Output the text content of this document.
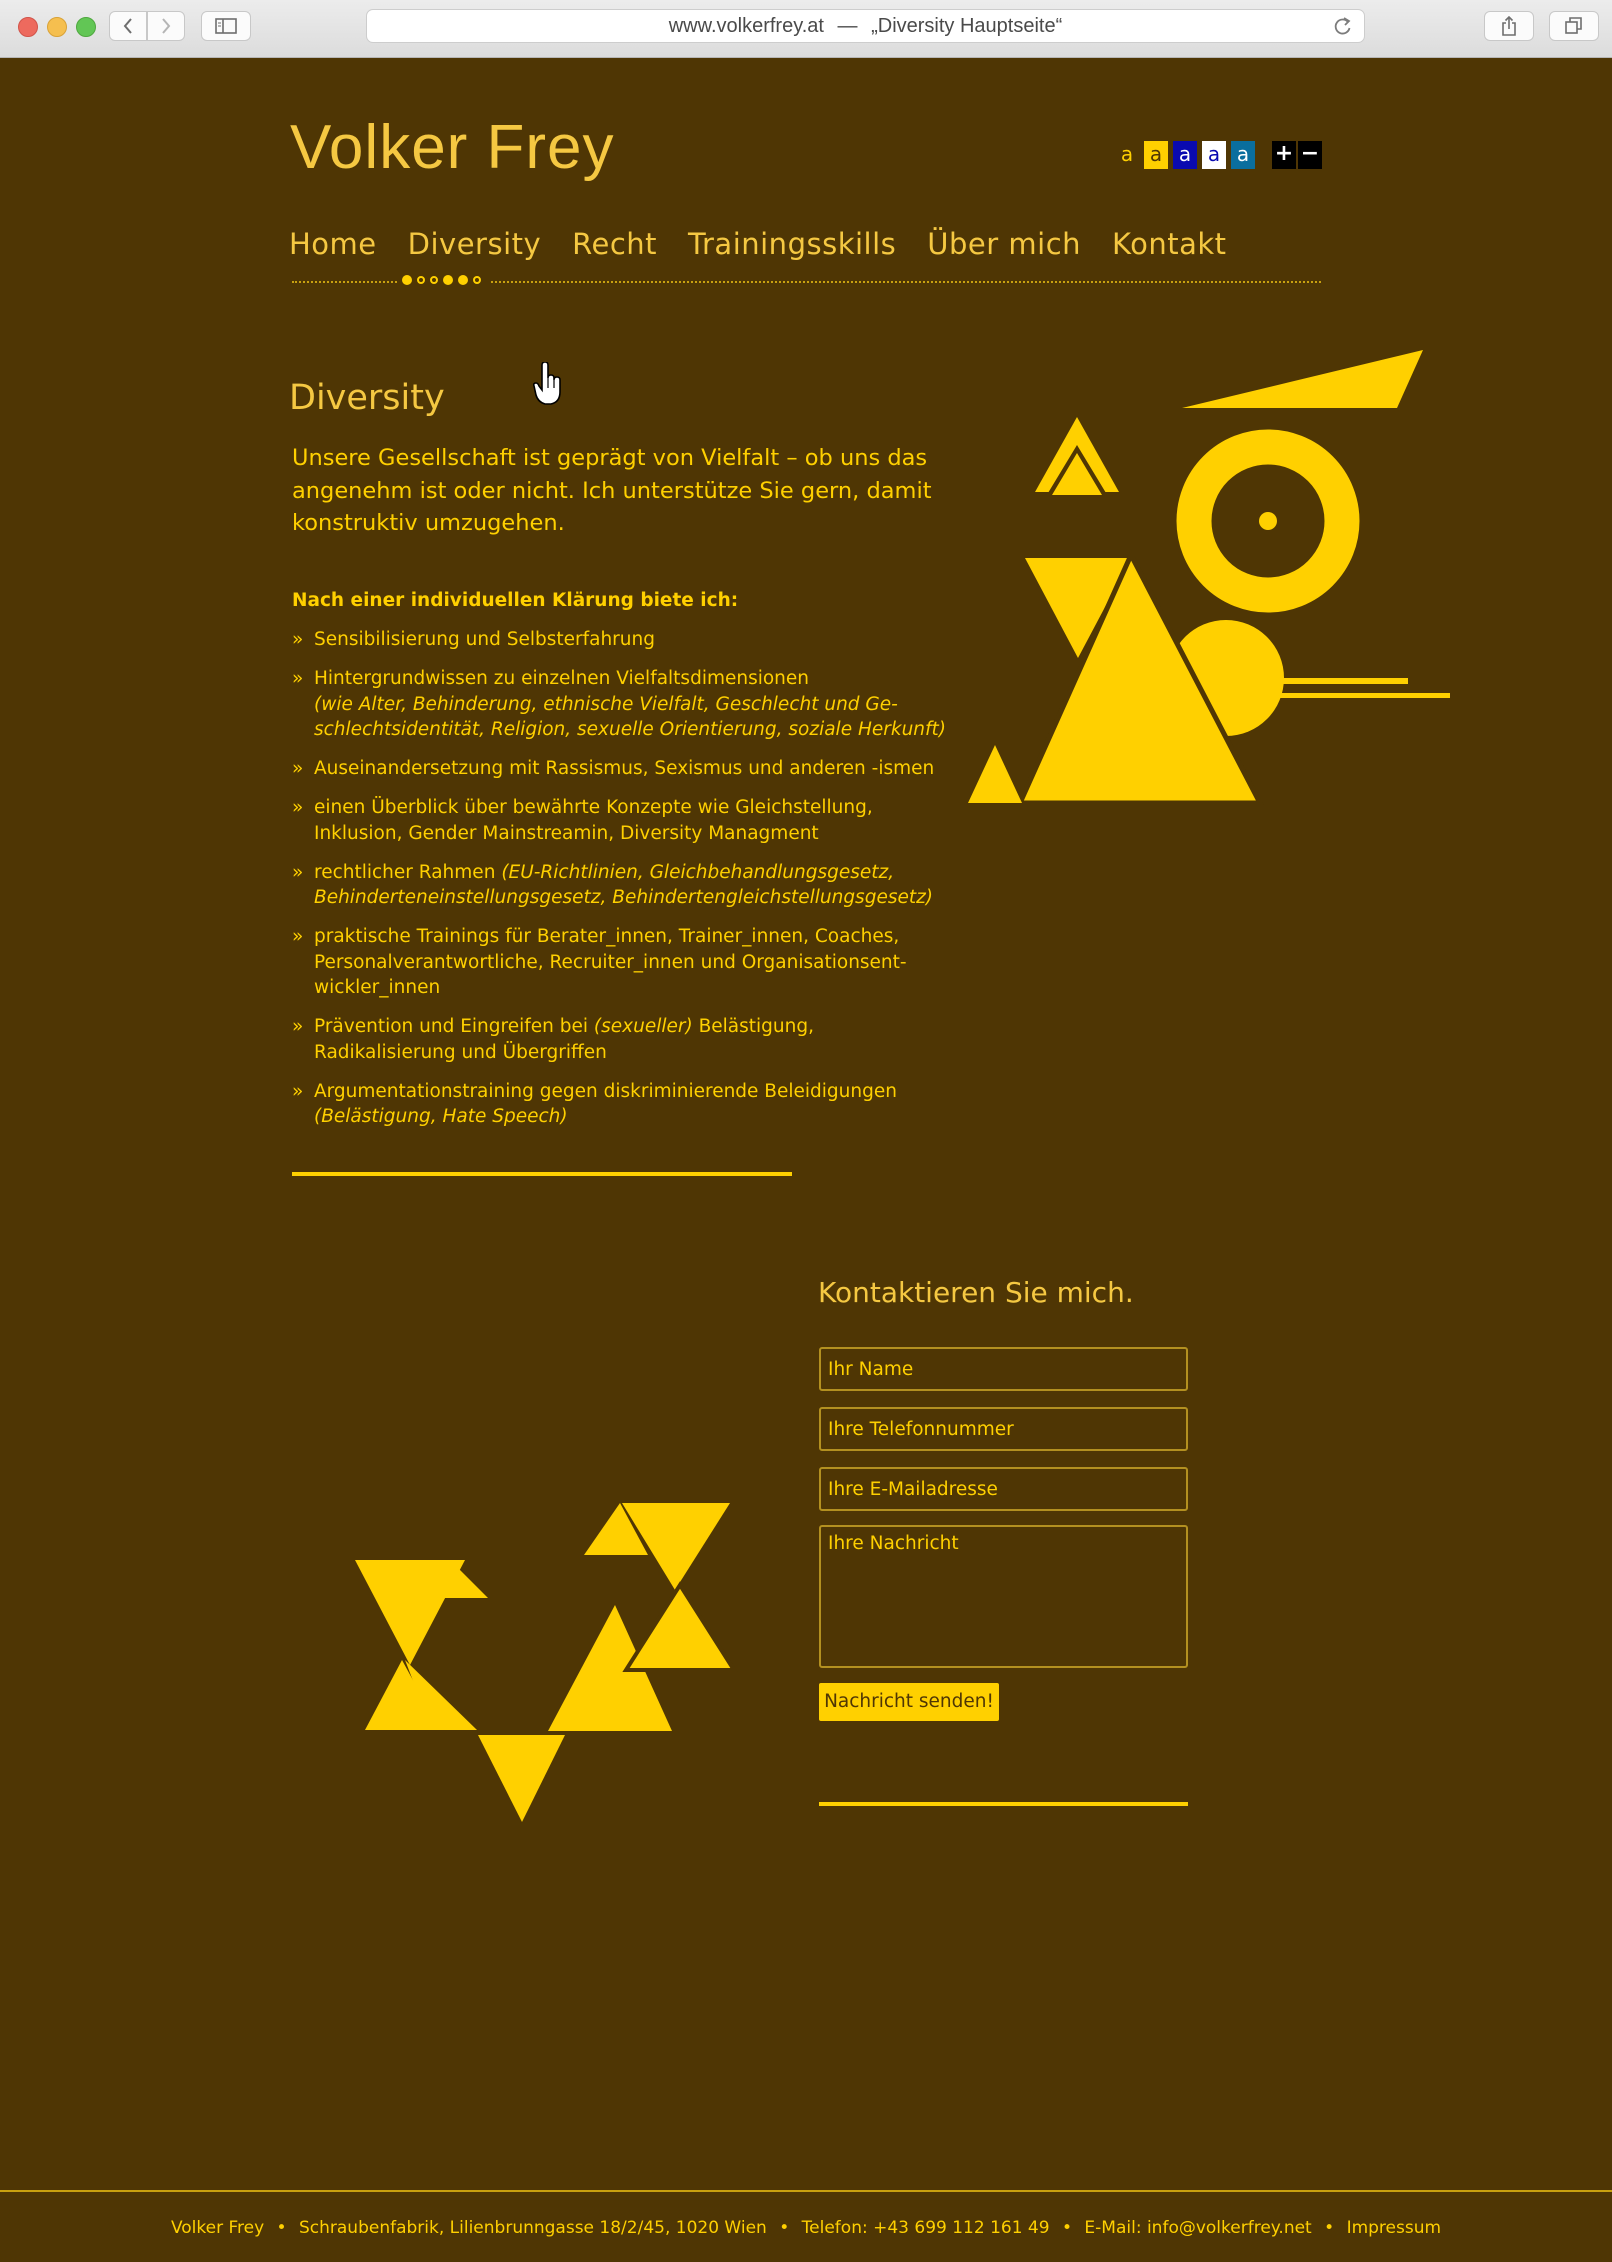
www.volkerfrey.at — „Diversity Hauptseite“
Volker Frey	a a a a a + −
Home Diversity Recht Trainingsskills Über mich Kontakt
Diversity

Unsere Gesellschaft ist geprägt von Vielfalt – ob uns das angenehm ist oder nicht. Ich unterstütze Sie gern, damit konstruktiv umzugehen.

Nach einer individuellen Klärung biete ich:

» Sensibilisierung und Selbsterfahrung
» Hintergrundwissen zu einzelnen Vielfaltsdimensionen
(wie Alter, Behinderung, ethnische Vielfalt, Geschlecht und Ge-schlechtsidentität, Religion, sexuelle Orientierung, soziale Herkunft)
» Auseinandersetzung mit Rassismus, Sexismus und anderen -ismen
» einen Überblick über bewährte Konzepte wie Gleichstellung, Inklusion, Gender Mainstreamin, Diversity Managment
» rechtlicher Rahmen (EU-Richtlinien, Gleichbehandlungsgesetz, Behinderteneinstellungsgesetz, Behindertengleichstellungsgesetz)
» praktische Trainings für Berater_innen, Trainer_innen, Coaches, Personalverantwortliche, Recruiter_innen und Organisationsent-wickler_innen
» Prävention und Eingreifen bei (sexueller) Belästigung, Radikalisierung und Übergriffen
» Argumentationstraining gegen diskriminierende Beleidigungen
(Belästigung, Hate Speech)
Kontaktieren Sie mich.
Ihr Name
Ihre Telefonnummer
Ihre E-Mailadresse
Ihre Nachricht
Nachricht senden!
Volker Frey • Schraubenfabrik, Lilienbrunngasse 18/2/45, 1020 Wien • Telefon: +43 699 112 161 49 • E-Mail: info@volkerfrey.net • Impressum
